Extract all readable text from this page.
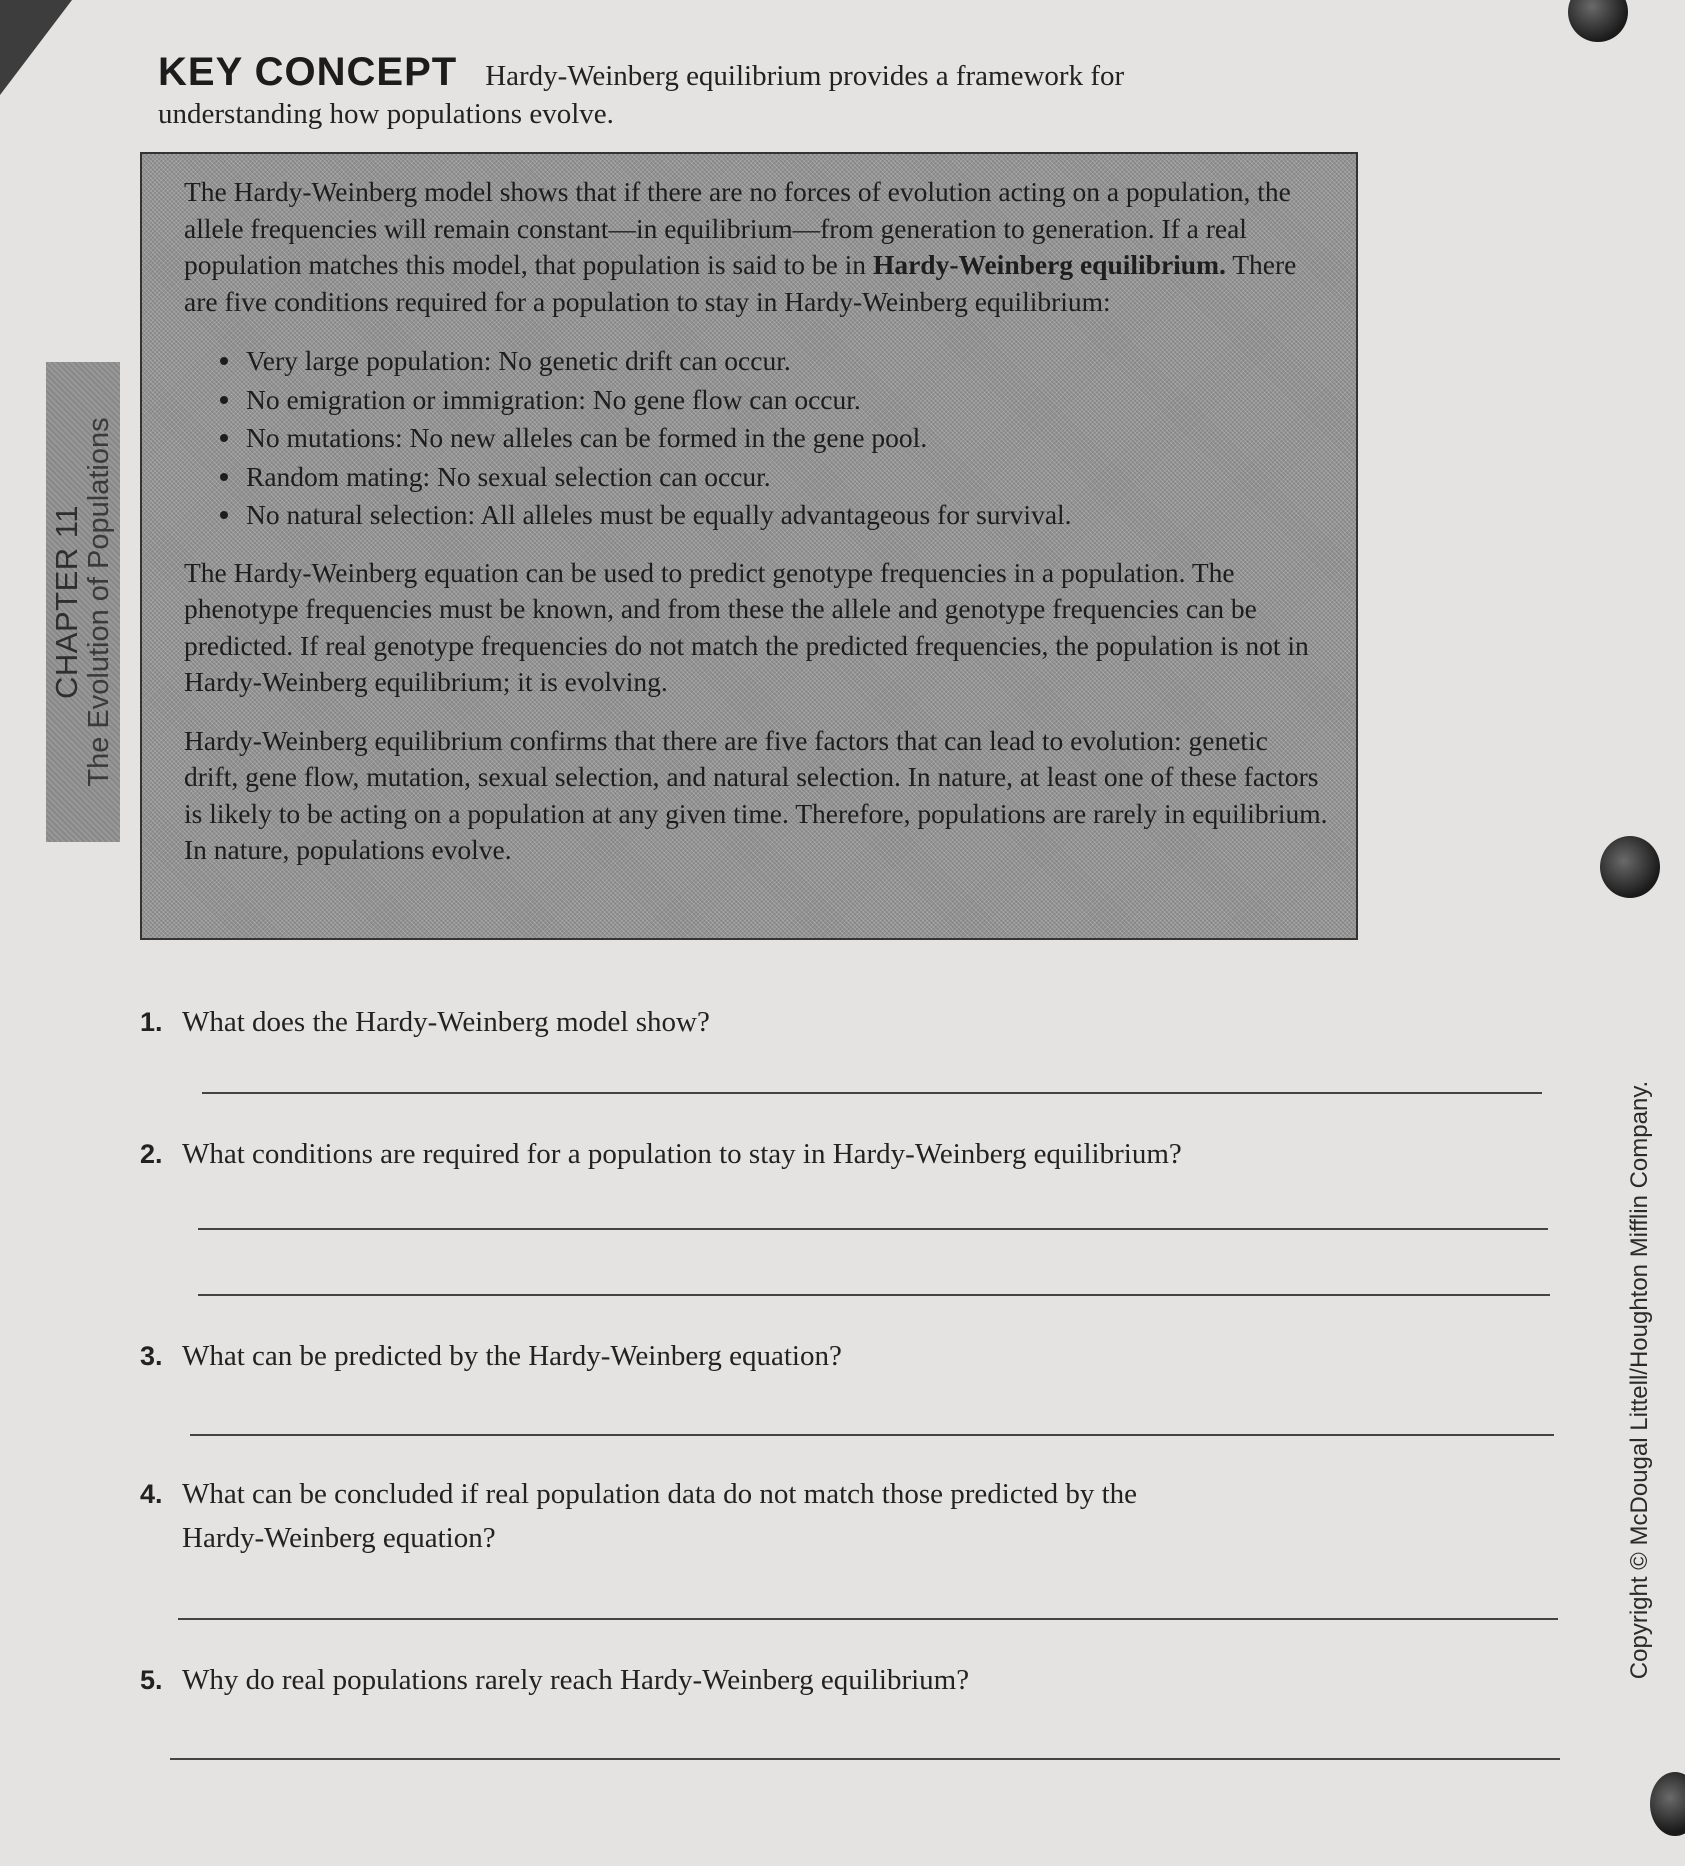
CHAPTER 11 The Evolution of Populations
KEY CONCEPT Hardy-Weinberg equilibrium provides a framework for understanding how populations evolve.

The Hardy-Weinberg model shows that if there are no forces of evolution acting on a population, the allele frequencies will remain constant—in equilibrium—from generation to generation. If a real population matches this model, that population is said to be in Hardy-Weinberg equilibrium. There are five conditions required for a population to stay in Hardy-Weinberg equilibrium:

Very large population: No genetic drift can occur.
No emigration or immigration: No gene flow can occur.
No mutations: No new alleles can be formed in the gene pool.
Random mating: No sexual selection can occur.
No natural selection: All alleles must be equally advantageous for survival.

The Hardy-Weinberg equation can be used to predict genotype frequencies in a population. The phenotype frequencies must be known, and from these the allele and genotype frequencies can be predicted. If real genotype frequencies do not match the predicted frequencies, the population is not in Hardy-Weinberg equilibrium; it is evolving.

Hardy-Weinberg equilibrium confirms that there are five factors that can lead to evolution: genetic drift, gene flow, mutation, sexual selection, and natural selection. In nature, at least one of these factors is likely to be acting on a population at any given time. Therefore, populations are rarely in equilibrium. In nature, populations evolve.

1. What does the Hardy-Weinberg model show?
2. What conditions are required for a population to stay in Hardy-Weinberg equilibrium?
3. What can be predicted by the Hardy-Weinberg equation?
4. What can be concluded if real population data do not match those predicted by the
Hardy-Weinberg equation?
5. Why do real populations rarely reach Hardy-Weinberg equilibrium?
Copyright © McDougal Littell/Houghton Mifflin Company.
